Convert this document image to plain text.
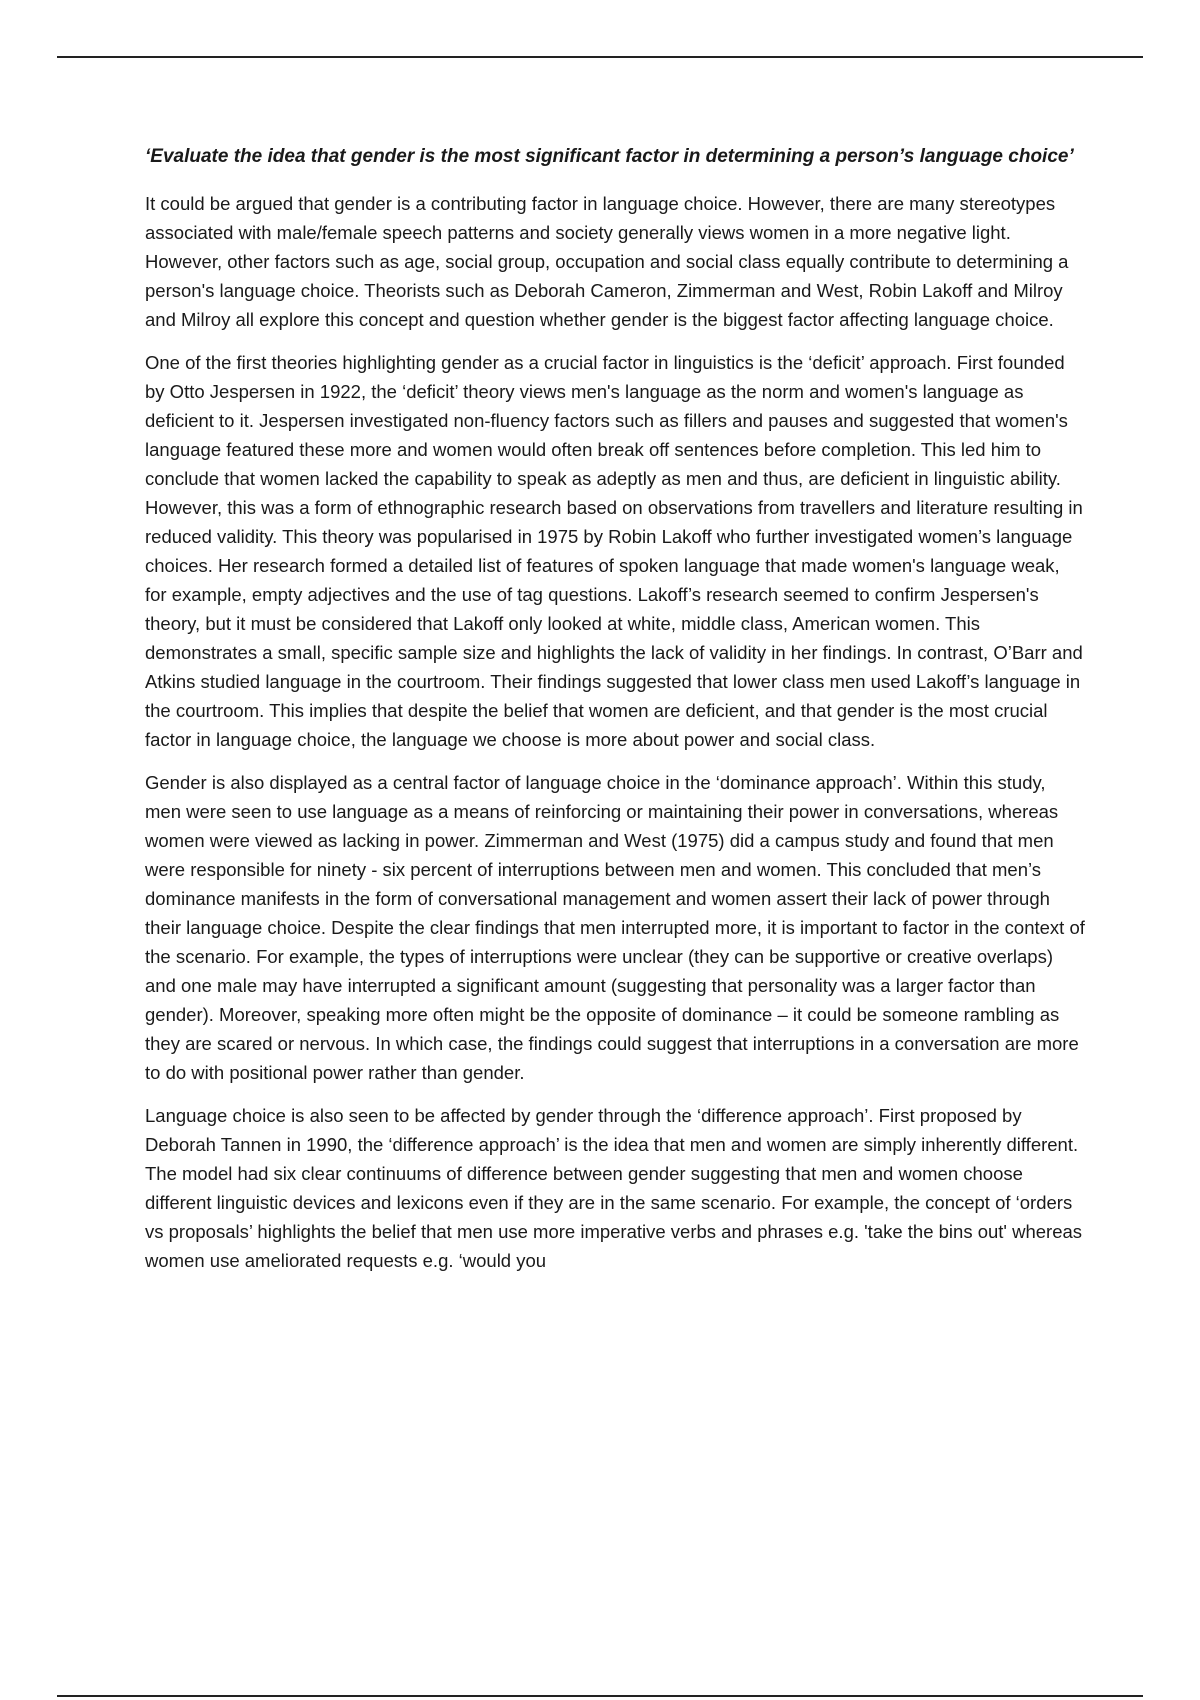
‘Evaluate the idea that gender is the most significant factor in determining a person’s language choice’

It could be argued that gender is a contributing factor in language choice. However, there are many stereotypes associated with male/female speech patterns and society generally views women in a more negative light. However, other factors such as age, social group, occupation and social class equally contribute to determining a person's language choice. Theorists such as Deborah Cameron, Zimmerman and West, Robin Lakoff and Milroy and Milroy all explore this concept and question whether gender is the biggest factor affecting language choice.

One of the first theories highlighting gender as a crucial factor in linguistics is the ‘deficit’ approach. First founded by Otto Jespersen in 1922, the ‘deficit’ theory views men's language as the norm and women's language as deficient to it. Jespersen investigated non-fluency factors such as fillers and pauses and suggested that women's language featured these more and women would often break off sentences before completion. This led him to conclude that women lacked the capability to speak as adeptly as men and thus, are deficient in linguistic ability. However, this was a form of ethnographic research based on observations from travellers and literature resulting in reduced validity. This theory was popularised in 1975 by Robin Lakoff who further investigated women’s language choices. Her research formed a detailed list of features of spoken language that made women's language weak, for example, empty adjectives and the use of tag questions. Lakoff’s research seemed to confirm Jespersen's theory, but it must be considered that Lakoff only looked at white, middle class, American women. This demonstrates a small, specific sample size and highlights the lack of validity in her findings. In contrast, O’Barr and Atkins studied language in the courtroom. Their findings suggested that lower class men used Lakoff’s language in the courtroom. This implies that despite the belief that women are deficient, and that gender is the most crucial factor in language choice, the language we choose is more about power and social class.

Gender is also displayed as a central factor of language choice in the ‘dominance approach’. Within this study, men were seen to use language as a means of reinforcing or maintaining their power in conversations, whereas women were viewed as lacking in power. Zimmerman and West (1975) did a campus study and found that men were responsible for ninety - six percent of interruptions between men and women. This concluded that men’s dominance manifests in the form of conversational management and women assert their lack of power through their language choice. Despite the clear findings that men interrupted more, it is important to factor in the context of the scenario. For example, the types of interruptions were unclear (they can be supportive or creative overlaps) and one male may have interrupted a significant amount (suggesting that personality was a larger factor than gender). Moreover, speaking more often might be the opposite of dominance – it could be someone rambling as they are scared or nervous. In which case, the findings could suggest that interruptions in a conversation are more to do with positional power rather than gender.

Language choice is also seen to be affected by gender through the ‘difference approach’. First proposed by Deborah Tannen in 1990, the ‘difference approach’ is the idea that men and women are simply inherently different. The model had six clear continuums of difference between gender suggesting that men and women choose different linguistic devices and lexicons even if they are in the same scenario. For example, the concept of ‘orders vs proposals’ highlights the belief that men use more imperative verbs and phrases e.g. 'take the bins out' whereas women use ameliorated requests e.g. ‘would you
